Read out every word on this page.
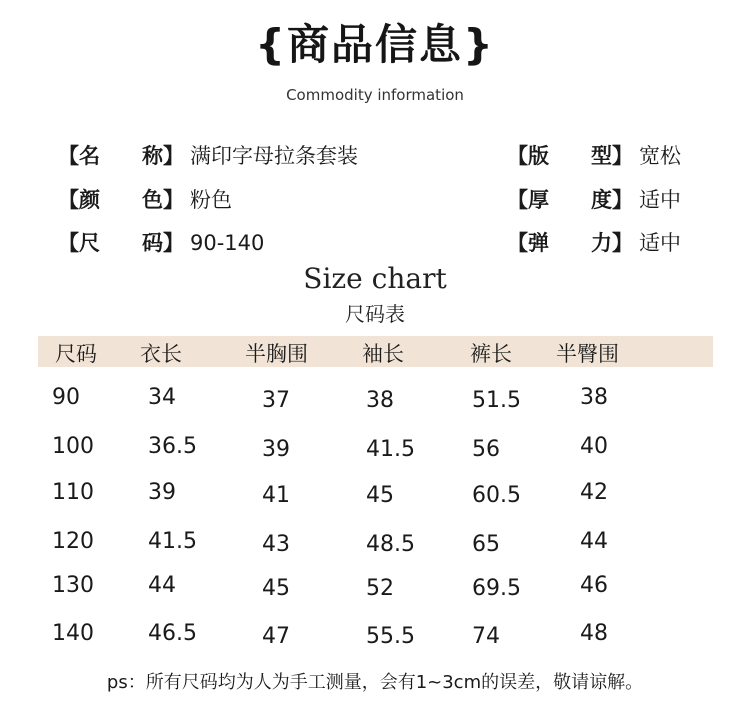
{商品信息}
Commodity information
【名　　称】 满印字母拉条套装
【颜　　色】 粉色
【尺　　码】 90-140
【版　　型】 宽松
【厚　　度】 适中
【弹　　力】 适中
Size chart
尺码表
尺码 衣长	半胸围	袖长	裤长 半臀围
90	34	37	38	51.5	38
100 36.5	39	41.5	56	40
110 39	41	45	60.5	42
120 41.5	43	48.5	65	44
130 44	45	52	69.5	46
140 46.5	47	55.5	74	48
ps：所有尺码均为人为手工测量，会有1~3cm的误差，敬请谅解。
